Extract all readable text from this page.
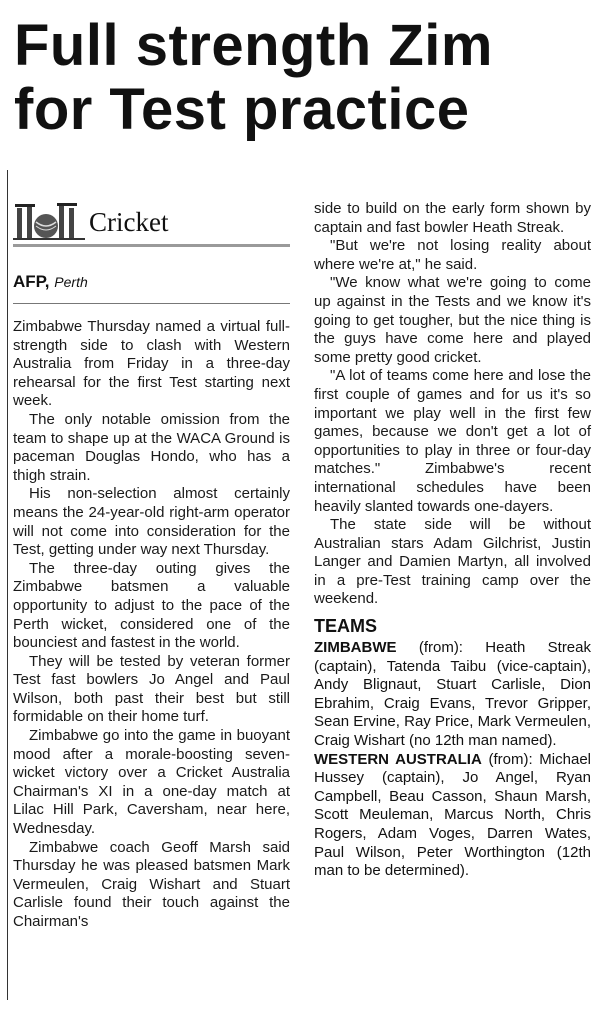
Full strength Zim
for Test practice
Cricket
AFP, Perth

Zimbabwe Thursday named a virtual full-strength side to clash with Western Australia from Friday in a three-day rehearsal for the first Test starting next week.

The only notable omission from the team to shape up at the WACA Ground is paceman Douglas Hondo, who has a thigh strain.

His non-selection almost certainly means the 24-year-old right-arm operator will not come into consideration for the Test, getting under way next Thursday.

The three-day outing gives the Zimbabwe batsmen a valuable opportunity to adjust to the pace of the Perth wicket, considered one of the bounciest and fastest in the world.

They will be tested by veteran former Test fast bowlers Jo Angel and Paul Wilson, both past their best but still formidable on their home turf.

Zimbabwe go into the game in buoyant mood after a morale-boosting seven-wicket victory over a Cricket Australia Chairman's XI in a one-day match at Lilac Hill Park, Caversham, near here, Wednesday.

Zimbabwe coach Geoff Marsh said Thursday he was pleased batsmen Mark Vermeulen, Craig Wishart and Stuart Carlisle found their touch against the Chairman's

side to build on the early form shown by captain and fast bowler Heath Streak.

"But we're not losing reality about where we're at," he said.

"We know what we're going to come up against in the Tests and we know it's going to get tougher, but the nice thing is the guys have come here and played some pretty good cricket.

"A lot of teams come here and lose the first couple of games and for us it's so important we play well in the first few games, because we don't get a lot of opportunities to play in three or four-day matches." Zimbabwe's recent international schedules have been heavily slanted towards one-dayers.

The state side will be without Australian stars Adam Gilchrist, Justin Langer and Damien Martyn, all involved in a pre-Test training camp over the weekend.

TEAMS
ZIMBABWE (from): Heath Streak (captain), Tatenda Taibu (vice-captain), Andy Blignaut, Stuart Carlisle, Dion Ebrahim, Craig Evans, Trevor Gripper, Sean Ervine, Ray Price, Mark Vermeulen, Craig Wishart (no 12th man named).
WESTERN AUSTRALIA (from): Michael Hussey (captain), Jo Angel, Ryan Campbell, Beau Casson, Shaun Marsh, Scott Meuleman, Marcus North, Chris Rogers, Adam Voges, Darren Wates, Paul Wilson, Peter Worthington (12th man to be determined).
